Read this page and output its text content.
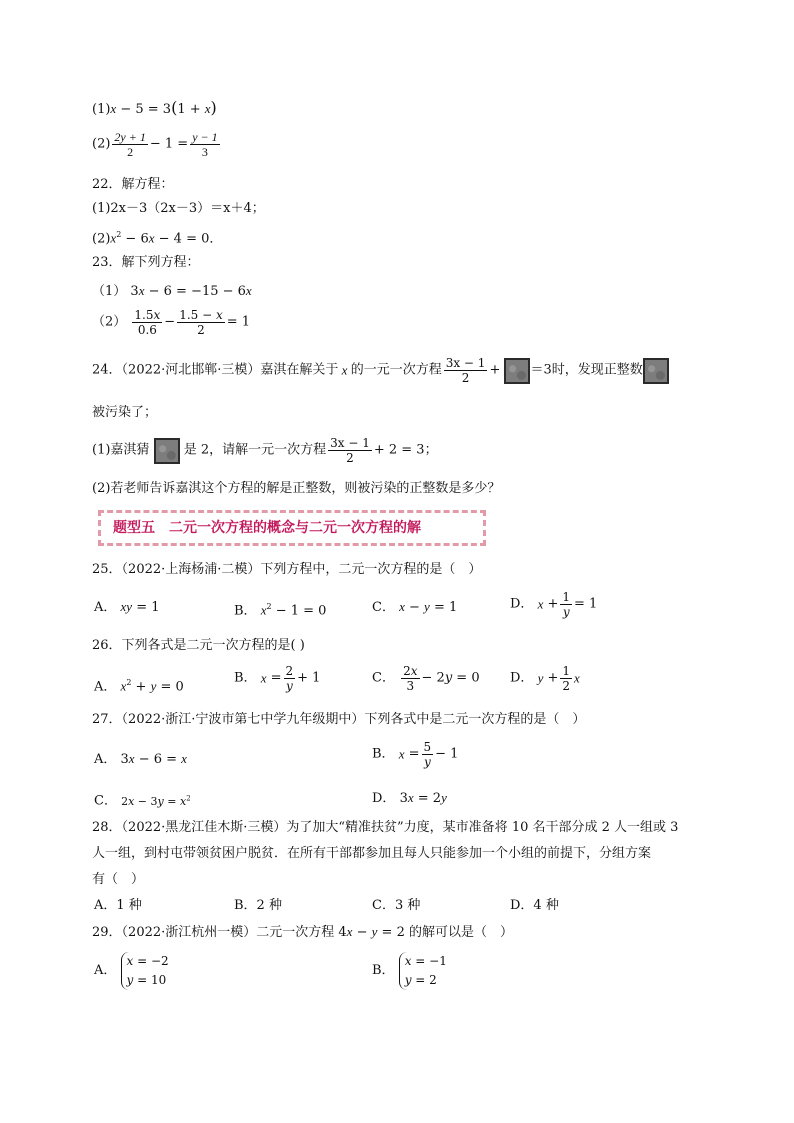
(1)x − 5 = 3(1 + x)
$(2) \frac{2y + 1}{2} - 1 = \frac{y - 1}{3}$
22．解方程：
(1)2x－3（2x－3）＝x＋4；
$(2)x^2 - 6x - 4 = 0$．
23．解下列方程：
（1） 3x − 6 = −15 − 6x
$(2) \frac{1.5x}{0.6} - \frac{1.5 - x}{2} = 1$
24．（2022·河北邯郸·三模）嘉淇在解关于 x 的一元一次方程 $\frac{3x - 1}{2} + =3$时，发现正整数
被污染了；
(1)嘉淇猜	是 2，请解一元一次方程 $\frac{3x - 1}{2} + 2 = 3$；
(2)若老师告诉嘉淇这个方程的解是正整数，则被污染的正整数是多少？
题型五　二元一次方程的概念与二元一次方程的解
25．（2022·上海杨浦·二模）下列方程中，二元一次方程的是（　）
A． xy = 1	B． $x^2 - 1 = 0$	C． x − y = 1	D． $x + \frac{1}{y} = 1$
26．下列各式是二元一次方程的是( )
A． $x^2 + y = 0$
B． $x = \frac{2}{y} + 1$	C． $\frac{2x}{3} - 2y = 0$ D． $y + \frac{1}{2}$ x
27．（2022·浙江·宁波市第七中学九年级期中）下列各式中是二元一次方程的是（　）
A． 3x − 6 = x	B． $x = \frac{5}{y} - 1$
C． $2x - 3y = x^2$	D． 3x = 2y
28．（2022·黑龙江佳木斯·三模）为了加大“精准扶贫”力度，某市准备将 10 名干部分成 2 人一组或 3
人一组，到村屯带领贫困户脱贫．在所有干部都参加且每人只能参加一个小组的前提下，分组方案
有（　）
A．1 种	B．2 种	C．3 种	D．4 种
29．（2022·浙江杭州一模）二元一次方程 4x − y = 2 的解可以是（　）
A． x = −2
y = 10
B． x = −1
y = 2
